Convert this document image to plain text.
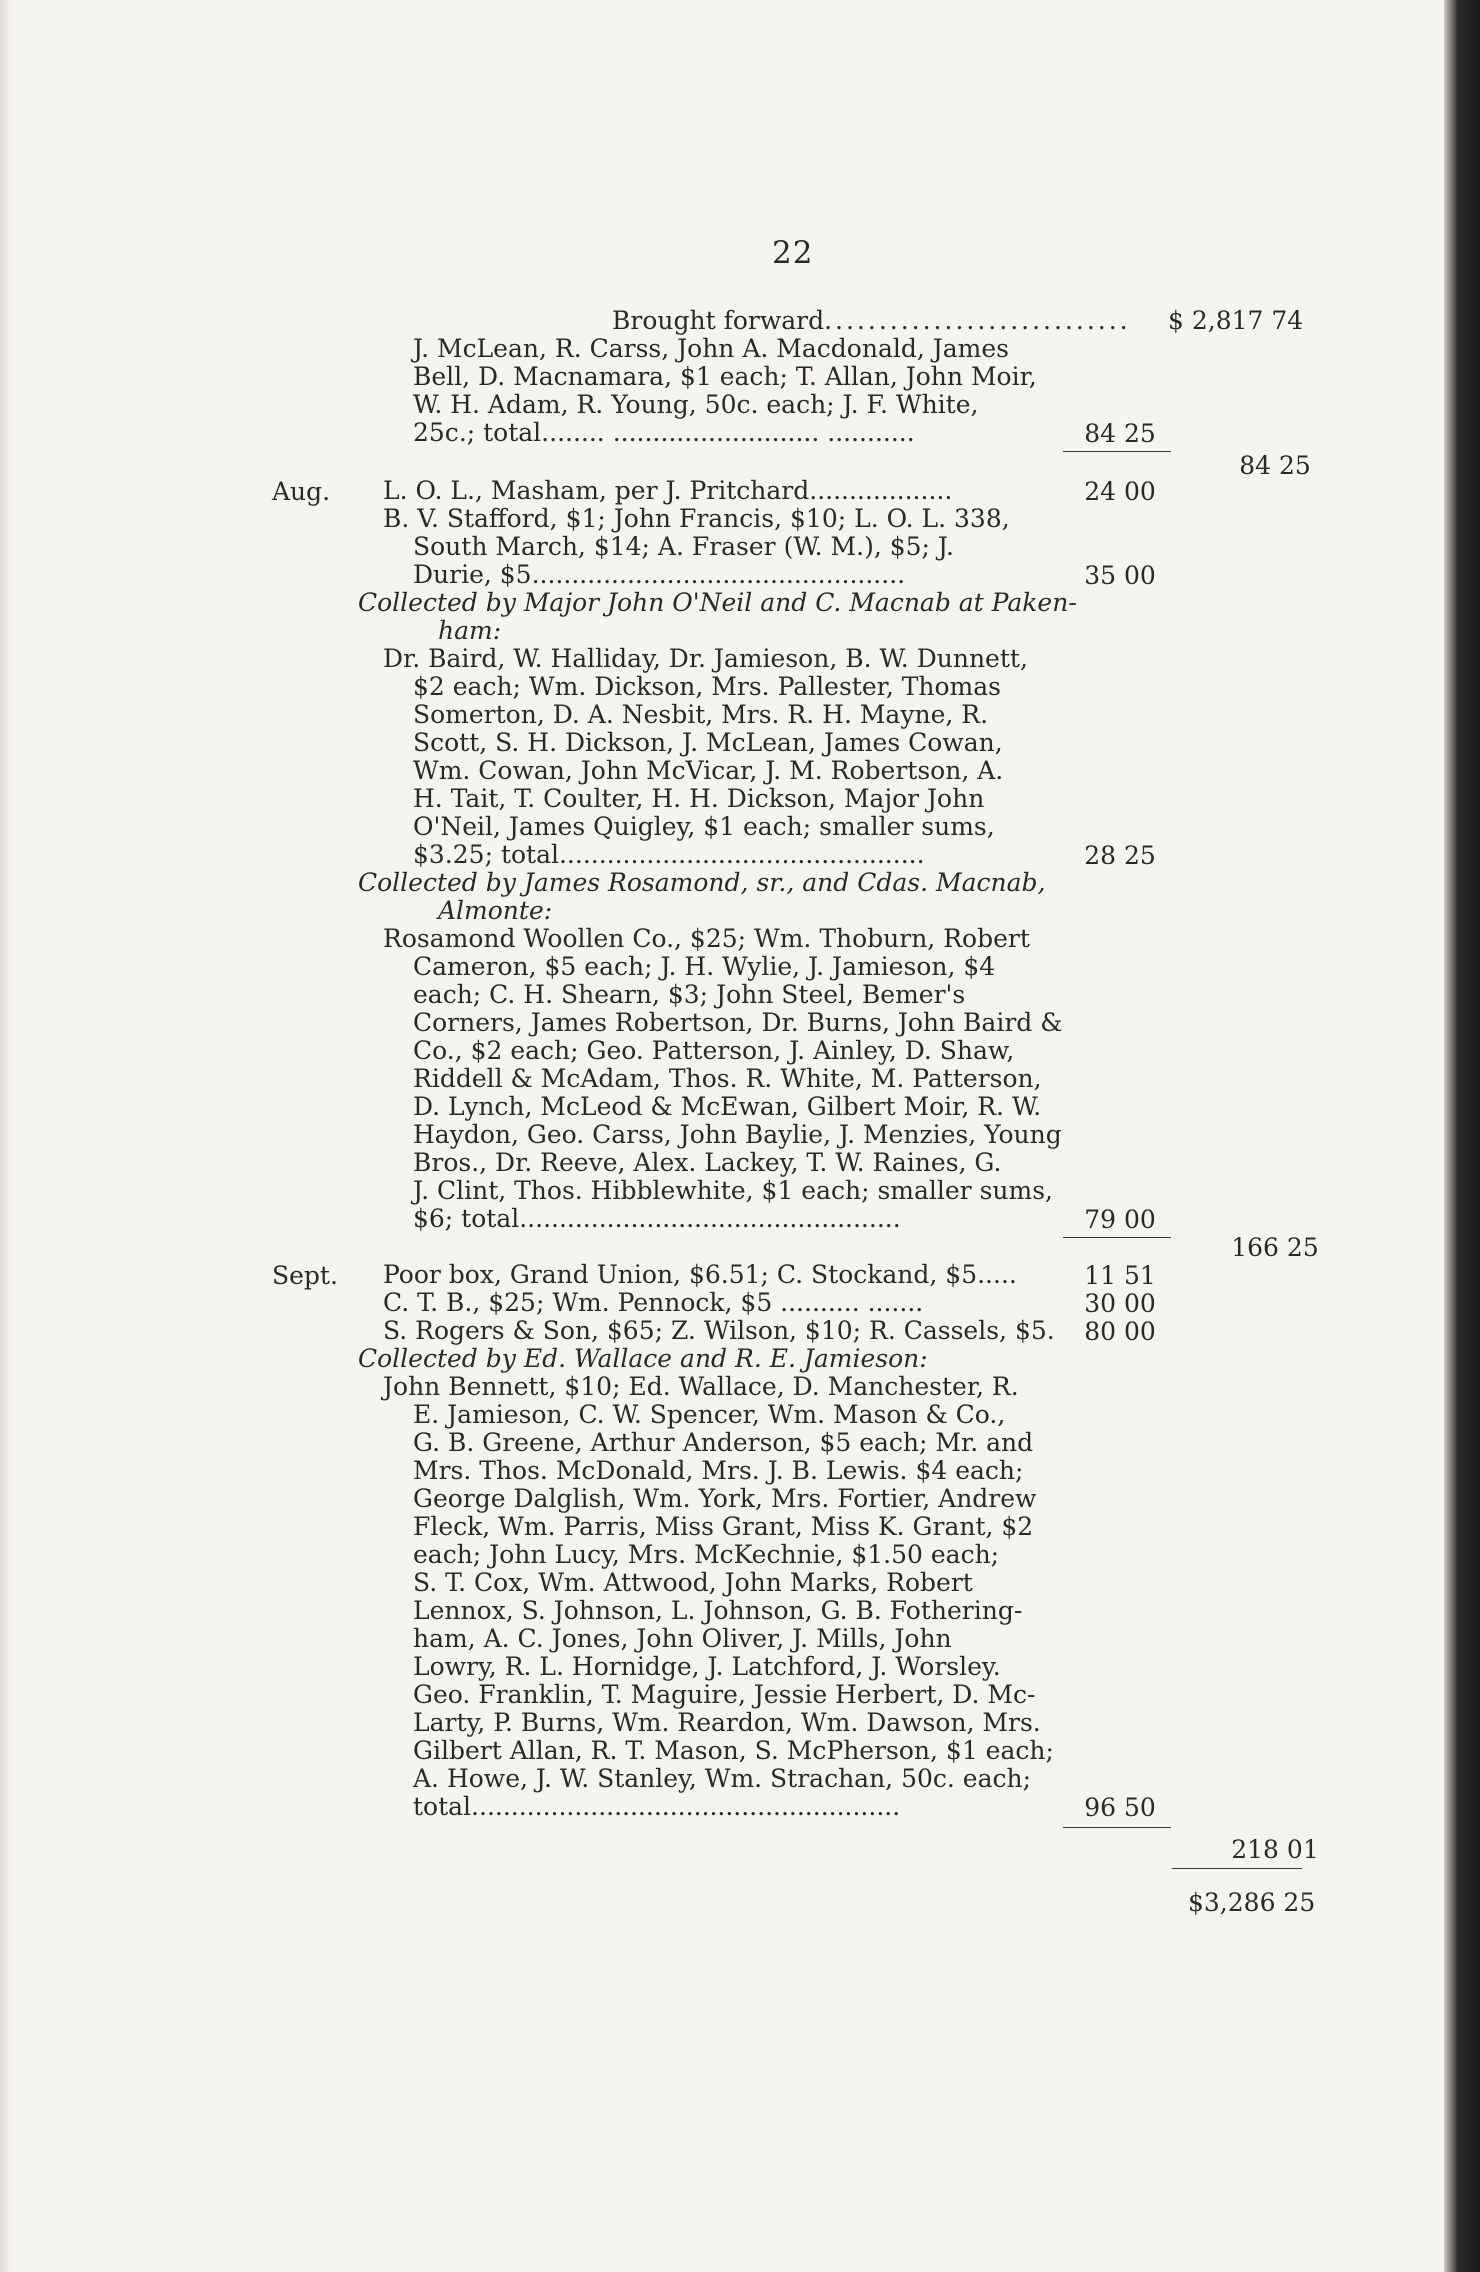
22
Brought forward............................ $ 2,817 74
J. McLean, R. Carss, John A. Macdonald, James
Bell, D. Macnamara, $1 each; T. Allan, John Moir,
W. H. Adam, R. Young, 50c. each; J. F. White,
25c.; total........ .......................... ...........	84 25
84 25
Aug. L. O. L., Masham, per J. Pritchard..................	24 00
B. V. Stafford, $1; John Francis, $10; L. O. L. 338,
South March, $14; A. Fraser (W. M.), $5; J.
Durie, $5...............................................	35 00
Collected by Major John O'Neil and C. Macnab at Paken-
ham:
Dr. Baird, W. Halliday, Dr. Jamieson, B. W. Dunnett,
$2 each; Wm. Dickson, Mrs. Pallester, Thomas
Somerton, D. A. Nesbit, Mrs. R. H. Mayne, R.
Scott, S. H. Dickson, J. McLean, James Cowan,
Wm. Cowan, John McVicar, J. M. Robertson, A.
H. Tait, T. Coulter, H. H. Dickson, Major John
O'Neil, James Quigley, $1 each; smaller sums,
$3.25; total..............................................	28 25
Collected by James Rosamond, sr., and Cdas. Macnab,
Almonte:
Rosamond Woollen Co., $25; Wm. Thoburn, Robert
Cameron, $5 each; J. H. Wylie, J. Jamieson, $4
each; C. H. Shearn, $3; John Steel, Bemer's
Corners, James Robertson, Dr. Burns, John Baird &
Co., $2 each; Geo. Patterson, J. Ainley, D. Shaw,
Riddell & McAdam, Thos. R. White, M. Patterson,
D. Lynch, McLeod & McEwan, Gilbert Moir, R. W.
Haydon, Geo. Carss, John Baylie, J. Menzies, Young
Bros., Dr. Reeve, Alex. Lackey, T. W. Raines, G.
J. Clint, Thos. Hibblewhite, $1 each; smaller sums,
$6; total................................................	79 00
166 25
Sept. Poor box, Grand Union, $6.51; C. Stockand, $5.....	11 51
C. T. B., $25; Wm. Pennock, $5 .......... .......	30 00
S. Rogers & Son, $65; Z. Wilson, $10; R. Cassels, $5.	80 00
Collected by Ed. Wallace and R. E. Jamieson:
John Bennett, $10; Ed. Wallace, D. Manchester, R.
E. Jamieson, C. W. Spencer, Wm. Mason & Co.,
G. B. Greene, Arthur Anderson, $5 each; Mr. and
Mrs. Thos. McDonald, Mrs. J. B. Lewis. $4 each;
George Dalglish, Wm. York, Mrs. Fortier, Andrew
Fleck, Wm. Parris, Miss Grant, Miss K. Grant, $2
each; John Lucy, Mrs. McKechnie, $1.50 each;
S. T. Cox, Wm. Attwood, John Marks, Robert
Lennox, S. Johnson, L. Johnson, G. B. Fothering-
ham, A. C. Jones, John Oliver, J. Mills, John
Lowry, R. L. Hornidge, J. Latchford, J. Worsley.
Geo. Franklin, T. Maguire, Jessie Herbert, D. Mc-
Larty, P. Burns, Wm. Reardon, Wm. Dawson, Mrs.
Gilbert Allan, R. T. Mason, S. McPherson, $1 each;
A. Howe, J. W. Stanley, Wm. Strachan, 50c. each;
total......................................................	96 50
218 01
$3,286 25
